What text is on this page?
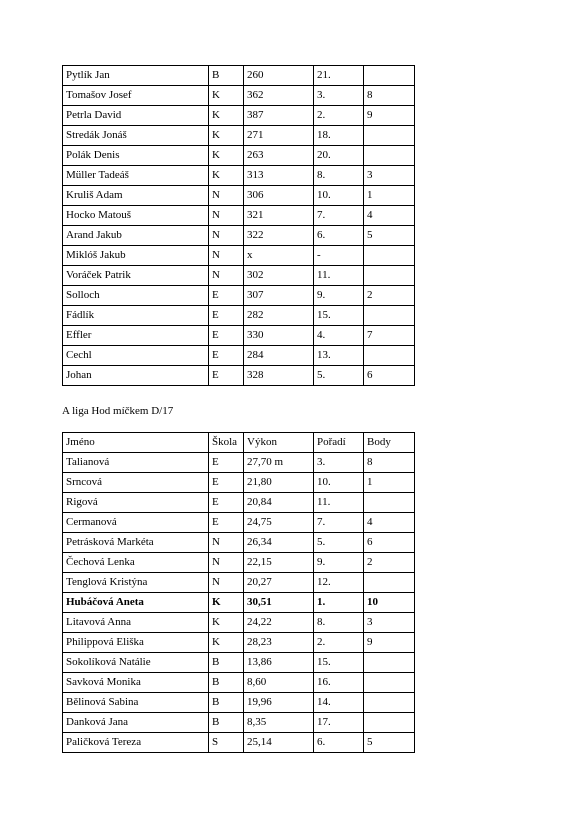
Pytlík Jan	B	260	21.	
Tomašov Josef	K	362	3.	8
Petrla David	K	387	2.	9
Stredák Jonáš	K	271	18.	
Polák Denis	K	263	20.	
Müller Tadeáš	K	313	8.	3
Kruliš Adam	N	306	10.	1
Hocko Matouš	N	321	7.	4
Arand Jakub	N	322	6.	5
Miklóš Jakub	N	x	-	
Voráček Patrik	N	302	11.	
Solloch	E	307	9.	2
Fádlík	E	282	15.	
Effler	E	330	4.	7
Cechl	E	284	13.	
Johan	E	328	5.	6
A liga Hod míčkem D/17
Jméno	Škola	Výkon	Pořadí	Body
Talianová	E	27,70 m	3.	8
Srncová	E	21,80	10.	1
Rigová	E	20,84	11.	
Cermanová	E	24,75	7.	4
Petrásková Markéta	N	26,34	5.	6
Čechová Lenka	N	22,15	9.	2
Tenglová Kristýna	N	20,27	12.	
Hubáčová Aneta	K	30,51	1.	10
Litavová Anna	K	24,22	8.	3
Philippová Eliška	K	28,23	2.	9
Sokolíková Natálie	B	13,86	15.	
Savková Monika	B	8,60	16.	
Bělinová Sabina	B	19,96	14.	
Danková Jana	B	8,35	17.	
Paličková Tereza	S	25,14	6.	5
